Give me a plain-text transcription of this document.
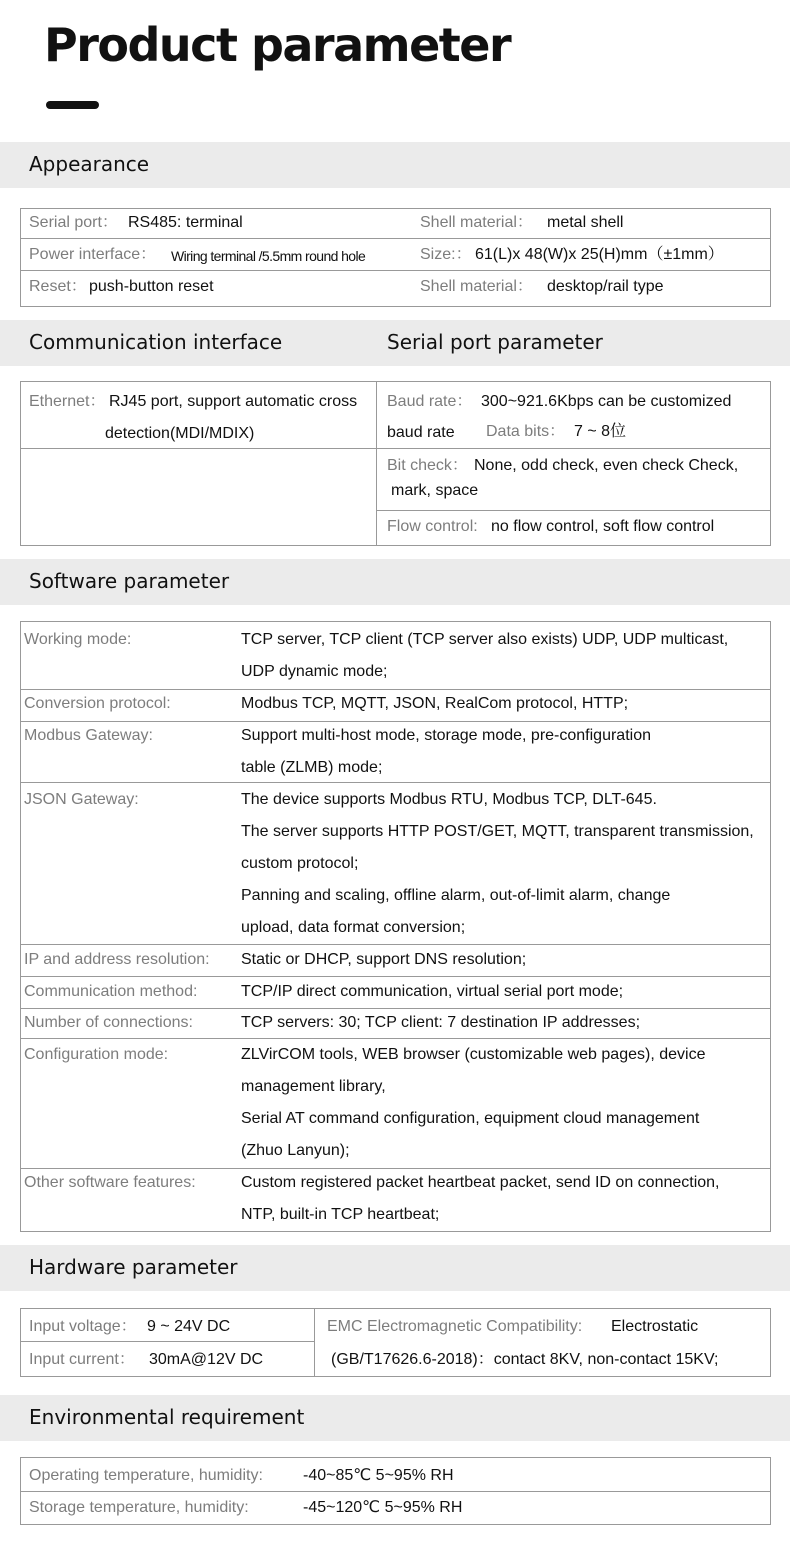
Product parameter
Appearance
Serial port： RS485: terminal	Shell material： metal shell
Power interface： Wiring terminal /5.5mm round hole	Size:： 61(L)x 48(W)x 25(H)mm（±1mm）
Reset： push-button reset	Shell material： desktop/rail type
Communication interface	Serial port parameter
Ethernet： RJ45 port, support automatic cross
detection(MDI/MDIX)
Baud rate： 300~921.6Kbps can be customized
baud rate Data bits： 7 ~ 8位
Bit check： None, odd check, even check Check,
mark, space
Flow control: no flow control, soft flow control
Software parameter
Working mode:	TCP server, TCP client (TCP server also exists) UDP, UDP multicast,
UDP dynamic mode;
Conversion protocol:	Modbus TCP, MQTT, JSON, RealCom protocol, HTTP;
Modbus Gateway:	Support multi-host mode, storage mode, pre-configuration
table (ZLMB) mode;
JSON Gateway:	The device supports Modbus RTU, Modbus TCP, DLT-645.
The server supports HTTP POST/GET, MQTT, transparent transmission,
custom protocol;
Panning and scaling, offline alarm, out-of-limit alarm, change
upload, data format conversion;
IP and address resolution: Static or DHCP, support DNS resolution;
Communication method:	TCP/IP direct communication, virtual serial port mode;
Number of connections:	TCP servers: 30; TCP client: 7 destination IP addresses;
Configuration mode:	ZLVirCOM tools, WEB browser (customizable web pages), device
management library,
Serial AT command configuration, equipment cloud management
(Zhuo Lanyun);
Other software features:	Custom registered packet heartbeat packet, send ID on connection,
NTP, built-in TCP heartbeat;
Hardware parameter
Input voltage： 9 ~ 24V DC
Input current： 30mA@12V DC
EMC Electromagnetic Compatibility: Electrostatic
(GB/T17626.6-2018)：contact 8KV, non-contact 15KV;
Environmental requirement
Operating temperature, humidity:	-40~85℃ 5~95% RH
Storage temperature, humidity:	-45~120℃ 5~95% RH
